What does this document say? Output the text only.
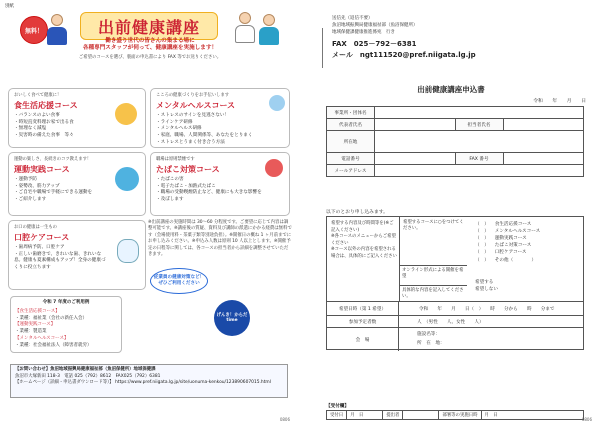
別紙
無料！	出前健康講座
働き盛り世代の皆さんの集まる場に
各種専門スタッフが伺って、健康講座を実施します！
ご希望のコースを選び、裏面の申込書により FAX 等でお送りください。
おいしく食べて健康に！
食生活応援コース
・ バランスのよい食事
・ 時短直変料理お家で出る食
・ 無理なく減塩
・ 災害時の備えた食事　等々
こころの健康づくりをお手伝いします
メンタルヘルスコース
・ ストレスのサインを見逃さない！
・ ラインケア研修
・ メンタルヘルス研修
・ 家庭、職場、人間関係等、あなたをとりまく
・ ストレスとうまく付き合う方法
運動の楽しさ、長続きのコツ教えます！
運動実践コース
・ 運動予防
・ 姿勢改、筋力アップ
・ ご自宅や職場で手軽にできる運動を
・ ご紹介します
職場は原則禁煙です
たばこ対策コース
・ たばこの害
・ 電子たばこ・加熱式たばこ
・ 職場の受動喫煙防止など、健康にも大きな影響を
・ 及ぼします
お口の健康は一生もの
口腔ケアコース
・ 歯周病予防、口腔ケア
・ 正しい歯磨きで、きれいな歯、きれいな息。健康も夏素構成もアップ！全身の健康づくりに役立ちます
※出前講座の実施時間は 30〜60 分程度です。ご要望に応じて内容は調整可能です。※講座後の質疑、資料及び講師の派遣にかかる経費は無料です（会場使用料・茶菓子類等別途負担）。※開催日の概ね 1 ヶ月前までにお申し込みください。※申込み人数は原則 10 人以上とします。※開催予定の日程等に関しては、各コースの担当者から詳細を調整させていただきます。
令和 7 年度のご利用例
【食生活応援コース】
・業種：福祉業（会社の新任入会）
【運動実践コース】
・業種：製造業
【メンタルヘルスコース】
・業種：社会福祉法人（障害者就労）
従業員の健康対策など！ぜひご利用ください
げんき！からだ time
【お問い合わせ】魚沼地域振興局健康福祉部（魚沼保健所）地域保健課
魚沼市大塚新田 118-3　電話 025（792）8612　FAX025（792）6381
【ホームページ（詳細・申込書ダウンロード等）】 https://www.pref.niigata.lg.jp/site/uonuma-kenkou/123890607015.html
0806
送信先（返信不要）
魚沼地域振興局健康福祉部（魚沼保健所）
地域保健課健康推進係宛　行き
FAX　025－792－6381
メール　ngt111520@pref.niigata.lg.jp
出前健康講座申込書
令和　　年　　月　　日
事業所・団体名			
代表者氏名		担当者氏名	
所在地			
電話番号		FAX 番号	
メールアドレス			
以下のとおり申し込みます。
希望する内容及び時間等を(※ご記入ください)
※各コースのメニューからご希望ください
※コース以外の内容を希望される場合は、具体的にご記入ください
希望するコースに○をつけてください。
（　） 食生活応援コース
（　） メンタルヘルスコース
（　） 運動実践コース
（　） たばこ対策コース
（　） 口腔ケアコース
（　） その他（　　　　）
オンライン形式による開催を希望
希望する
希望しない
具体的な内容を記入してください。
希望日時（第 1 希望）	令和　　年　　月　　日（　）　　時　　分から　　時　　分まで
参加予定者数	人　（男性　　人、女性　　人）
会　場
施設名等：
所　在　地：
【受付欄】
受付日	月　日	提出者	部署等の実施日時	月　日
0806
